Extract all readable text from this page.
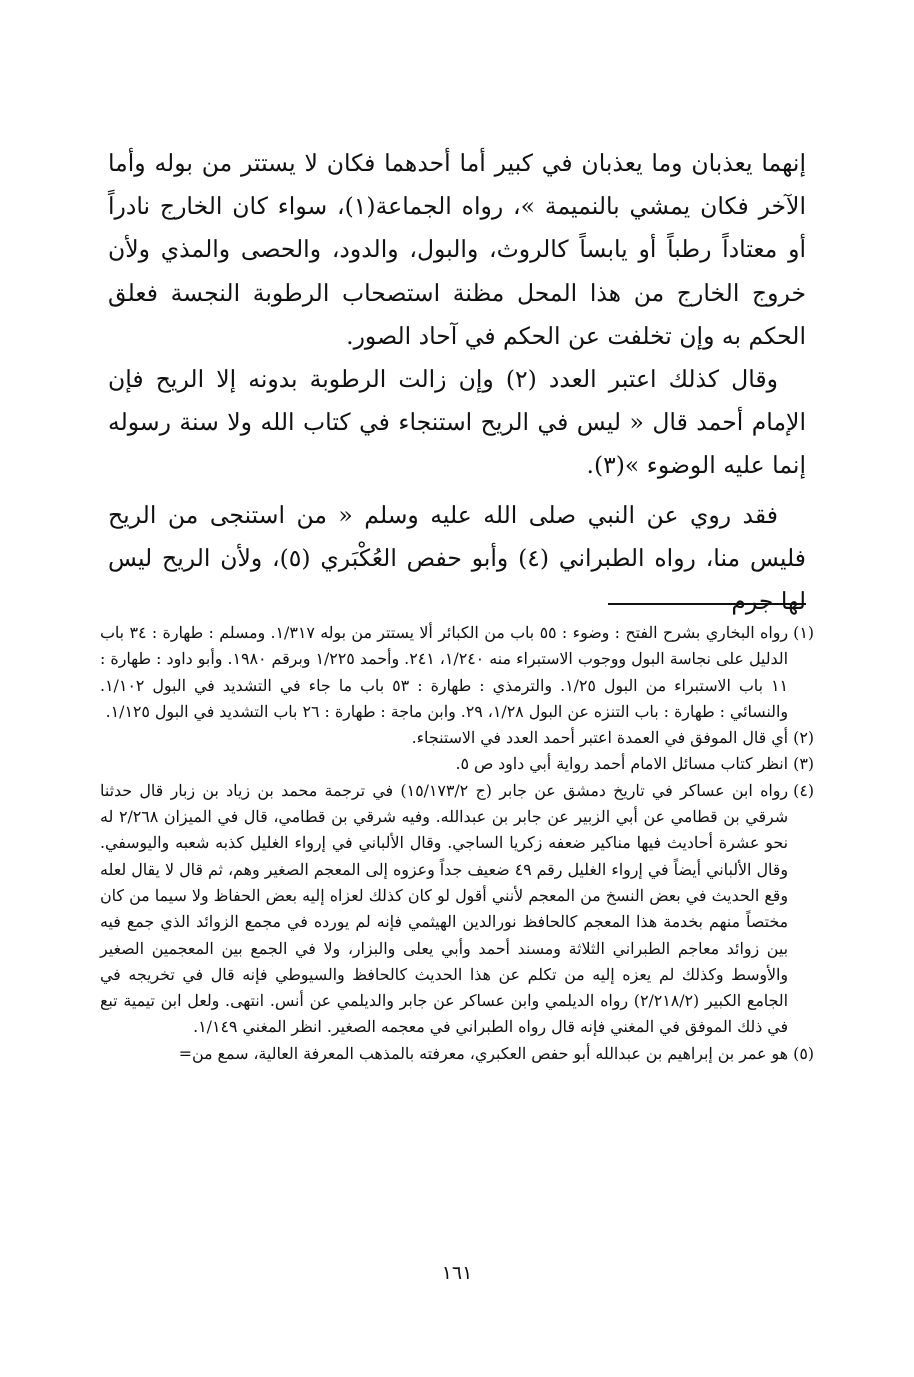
إنهما يعذبان وما يعذبان في كبير أما أحدهما فكان لا يستتر من بوله وأما الآخر فكان يمشي بالنميمة »، رواه الجماعة(١)، سواء كان الخارج نادراً أو معتاداً رطباً أو يابساً كالروث، والبول، والدود، والحصى والمذي ولأن خروج الخارج من هذا المحل مظنة استصحاب الرطوبة النجسة فعلق الحكم به وإن تخلفت عن الحكم في آحاد الصور.

وقال كذلك اعتبر العدد (٢) وإن زالت الرطوبة بدونه إلا الريح فإن الإمام أحمد قال « ليس في الريح استنجاء في كتاب الله ولا سنة رسوله إنما عليه الوضوء »(٣).

فقد روي عن النبي صلى الله عليه وسلم « من استنجى من الريح فليس منا، رواه الطبراني (٤) وأبو حفص العُكْبَري (٥)، ولأن الريح ليس لها جرم

(١)
رواه البخاري بشرح الفتح : وضوء : ٥٥ باب من الكبائر ألا يستتر من بوله ١/٣١٧. ومسلم : طهارة : ٣٤ باب الدليل على نجاسة البول ووجوب الاستبراء منه ١/٢٤٠، ٢٤١. وأحمد ١/٢٢٥ وبرقم ١٩٨٠. وأبو داود : طهارة : ١١ باب الاستبراء من البول ١/٢٥. والترمذي : طهارة : ٥٣ باب ما جاء في التشديد في البول ١/١٠٢. والنسائي : طهارة : باب التنزه عن البول ١/٢٨، ٢٩. وابن ماجة : طهارة : ٢٦ باب التشديد في البول ١/١٢٥.

(٢)
أي قال الموفق في العمدة اعتبر أحمد العدد في الاستنجاء.

(٣)
انظر كتاب مسائل الامام أحمد رواية أبي داود ص ٥.

(٤)
رواه ابن عساكر في تاريخ دمشق عن جابر (ج ١٥/١٧٣/٢) في ترجمة محمد بن زياد بن زبار قال حدثنا شرقي بن قطامي عن أبي الزبير عن جابر بن عبدالله. وفيه شرقي بن قطامي، قال في الميزان ٢/٢٦٨ له نحو عشرة أحاديث فيها مناكير ضعفه زكريا الساجي. وقال الألباني في إرواء الغليل كذبه شعبه واليوسفي. وقال الألباني أيضاً في إرواء الغليل رقم ٤٩ ضعيف جداً وعزوه إلى المعجم الصغير وهم، ثم قال لا يقال لعله وقع الحديث في بعض النسخ من المعجم لأنني أقول لو كان كذلك لعزاه إليه بعض الحفاظ ولا سيما من كان مختصاً منهم بخدمة هذا المعجم كالحافظ نورالدين الهيثمي فإنه لم يورده في مجمع الزوائد الذي جمع فيه بين زوائد معاجم الطبراني الثلاثة ومسند أحمد وأبي يعلى والبزار، ولا في الجمع بين المعجمين الصغير والأوسط وكذلك لم يعزه إليه من تكلم عن هذا الحديث كالحافظ والسيوطي فإنه قال في تخريجه في الجامع الكبير (٢/٢١٨/٢) رواه الديلمي وابن عساكر عن جابر والديلمي عن أنس. انتهى. ولعل ابن تيمية تبع في ذلك الموفق في المغني فإنه قال رواه الطبراني في معجمه الصغير. انظر المغني ١/١٤٩.

(٥)
هو عمر بن إبراهيم بن عبدالله أبو حفص العكبري، معرفته بالمذهب المعرفة العالية، سمع من=

١٦١
